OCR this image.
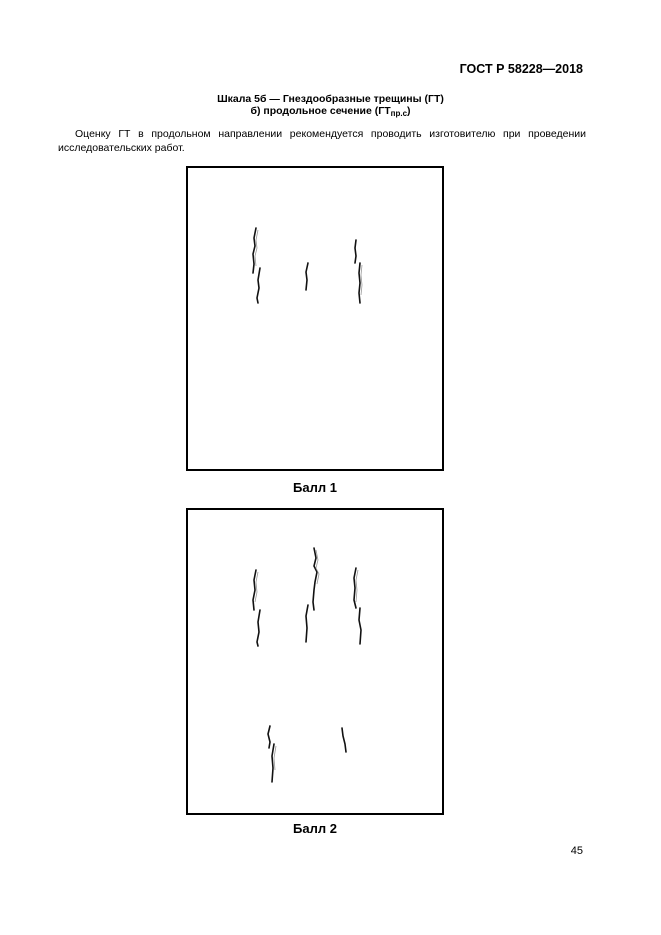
ГОСТ Р 58228—2018
Шкала 5б — Гнездообразные трещины (ГТ)
б) продольное сечение $(ГТ_{пр.с})$
Оценку ГТ в продольном направлении рекомендуется проводить изготовителю при проведении исследовательских работ.
Балл 1
Балл 2
45
